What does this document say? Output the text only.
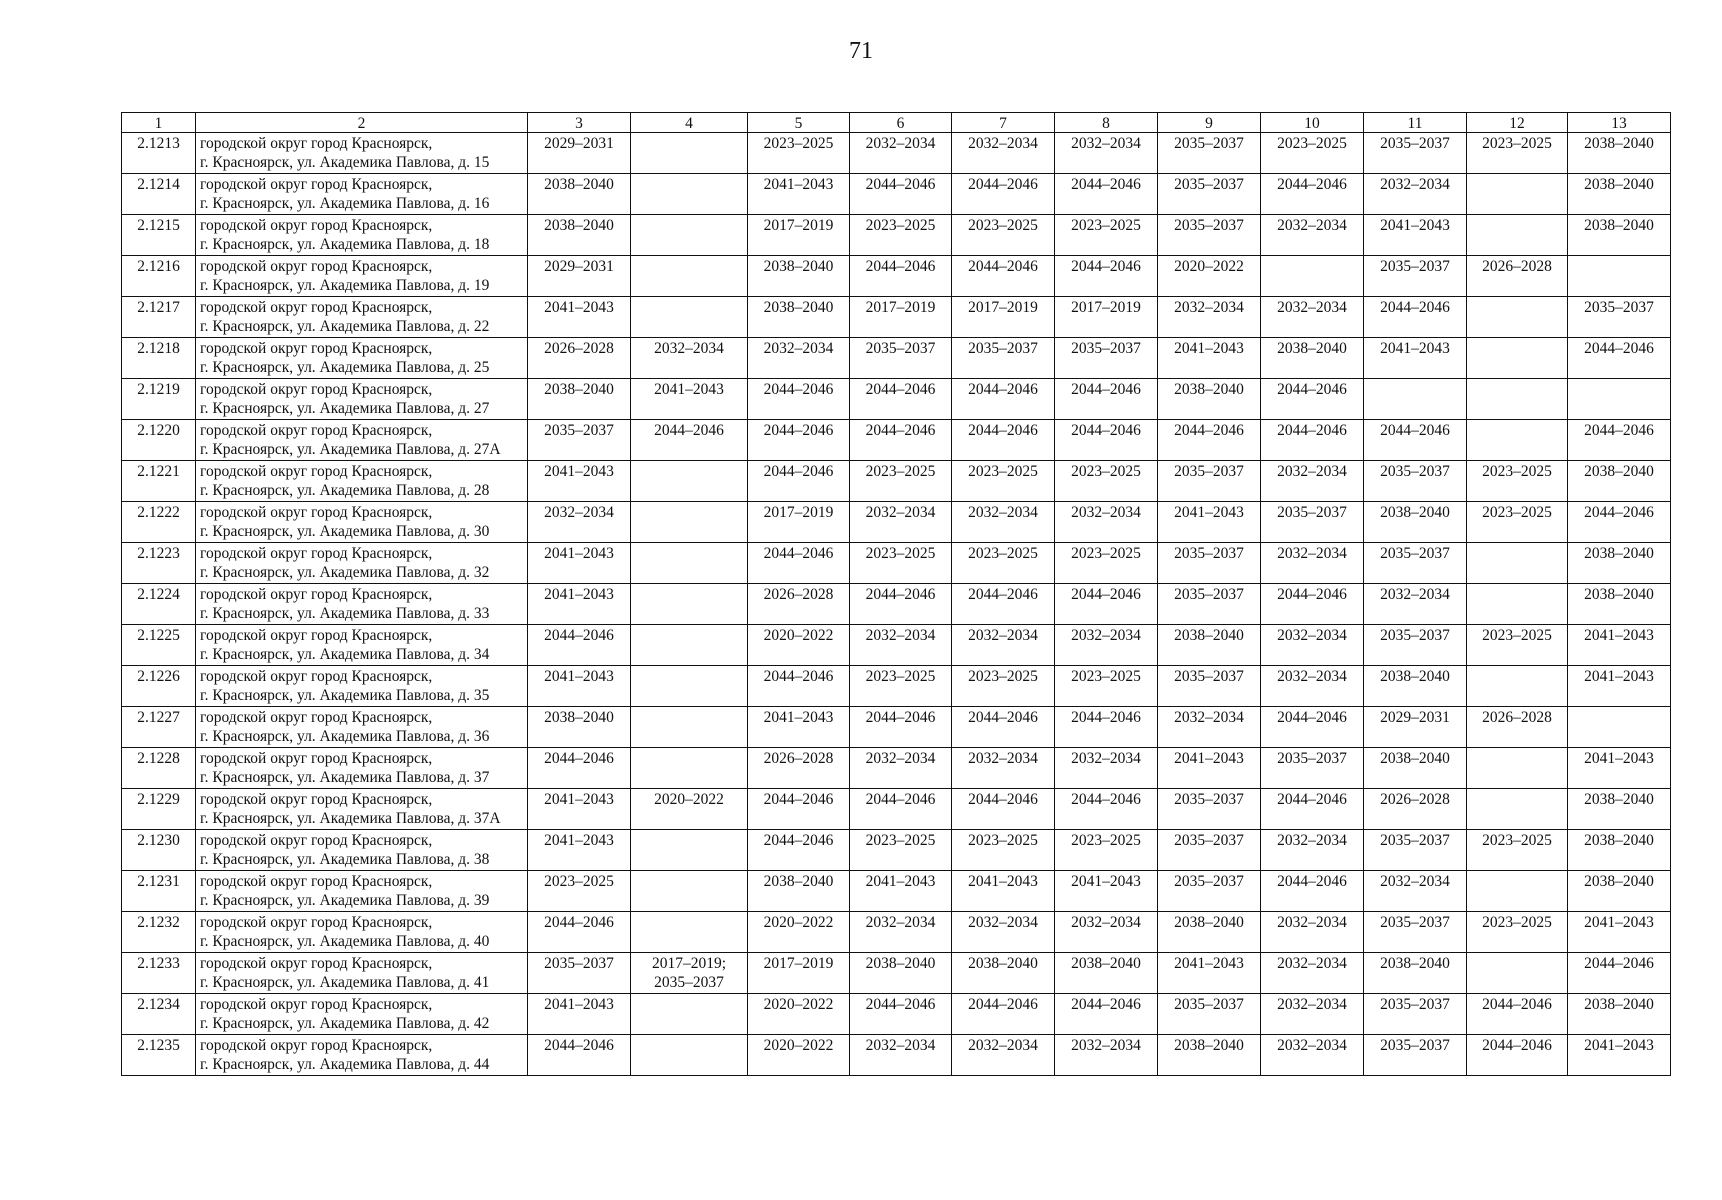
71
1	2	3	4	5	6	7	8	9	10	11	12	13
2.1213	городской округ город Красноярск,
г. Красноярск, ул. Академика Павлова, д. 15	2029–2031		2023–2025	2032–2034	2032–2034	2032–2034	2035–2037	2023–2025	2035–2037	2023–2025	2038–2040
2.1214	городской округ город Красноярск,
г. Красноярск, ул. Академика Павлова, д. 16	2038–2040		2041–2043	2044–2046	2044–2046	2044–2046	2035–2037	2044–2046	2032–2034		2038–2040
2.1215	городской округ город Красноярск,
г. Красноярск, ул. Академика Павлова, д. 18	2038–2040		2017–2019	2023–2025	2023–2025	2023–2025	2035–2037	2032–2034	2041–2043		2038–2040
2.1216	городской округ город Красноярск,
г. Красноярск, ул. Академика Павлова, д. 19	2029–2031		2038–2040	2044–2046	2044–2046	2044–2046	2020–2022		2035–2037	2026–2028	
2.1217	городской округ город Красноярск,
г. Красноярск, ул. Академика Павлова, д. 22	2041–2043		2038–2040	2017–2019	2017–2019	2017–2019	2032–2034	2032–2034	2044–2046		2035–2037
2.1218	городской округ город Красноярск,
г. Красноярск, ул. Академика Павлова, д. 25	2026–2028	2032–2034	2032–2034	2035–2037	2035–2037	2035–2037	2041–2043	2038–2040	2041–2043		2044–2046
2.1219	городской округ город Красноярск,
г. Красноярск, ул. Академика Павлова, д. 27	2038–2040	2041–2043	2044–2046	2044–2046	2044–2046	2044–2046	2038–2040	2044–2046			
2.1220	городской округ город Красноярск,
г. Красноярск, ул. Академика Павлова, д. 27А	2035–2037	2044–2046	2044–2046	2044–2046	2044–2046	2044–2046	2044–2046	2044–2046	2044–2046		2044–2046
2.1221	городской округ город Красноярск,
г. Красноярск, ул. Академика Павлова, д. 28	2041–2043		2044–2046	2023–2025	2023–2025	2023–2025	2035–2037	2032–2034	2035–2037	2023–2025	2038–2040
2.1222	городской округ город Красноярск,
г. Красноярск, ул. Академика Павлова, д. 30	2032–2034		2017–2019	2032–2034	2032–2034	2032–2034	2041–2043	2035–2037	2038–2040	2023–2025	2044–2046
2.1223	городской округ город Красноярск,
г. Красноярск, ул. Академика Павлова, д. 32	2041–2043		2044–2046	2023–2025	2023–2025	2023–2025	2035–2037	2032–2034	2035–2037		2038–2040
2.1224	городской округ город Красноярск,
г. Красноярск, ул. Академика Павлова, д. 33	2041–2043		2026–2028	2044–2046	2044–2046	2044–2046	2035–2037	2044–2046	2032–2034		2038–2040
2.1225	городской округ город Красноярск,
г. Красноярск, ул. Академика Павлова, д. 34	2044–2046		2020–2022	2032–2034	2032–2034	2032–2034	2038–2040	2032–2034	2035–2037	2023–2025	2041–2043
2.1226	городской округ город Красноярск,
г. Красноярск, ул. Академика Павлова, д. 35	2041–2043		2044–2046	2023–2025	2023–2025	2023–2025	2035–2037	2032–2034	2038–2040		2041–2043
2.1227	городской округ город Красноярск,
г. Красноярск, ул. Академика Павлова, д. 36	2038–2040		2041–2043	2044–2046	2044–2046	2044–2046	2032–2034	2044–2046	2029–2031	2026–2028	
2.1228	городской округ город Красноярск,
г. Красноярск, ул. Академика Павлова, д. 37	2044–2046		2026–2028	2032–2034	2032–2034	2032–2034	2041–2043	2035–2037	2038–2040		2041–2043
2.1229	городской округ город Красноярск,
г. Красноярск, ул. Академика Павлова, д. 37А	2041–2043	2020–2022	2044–2046	2044–2046	2044–2046	2044–2046	2035–2037	2044–2046	2026–2028		2038–2040
2.1230	городской округ город Красноярск,
г. Красноярск, ул. Академика Павлова, д. 38	2041–2043		2044–2046	2023–2025	2023–2025	2023–2025	2035–2037	2032–2034	2035–2037	2023–2025	2038–2040
2.1231	городской округ город Красноярск,
г. Красноярск, ул. Академика Павлова, д. 39	2023–2025		2038–2040	2041–2043	2041–2043	2041–2043	2035–2037	2044–2046	2032–2034		2038–2040
2.1232	городской округ город Красноярск,
г. Красноярск, ул. Академика Павлова, д. 40	2044–2046		2020–2022	2032–2034	2032–2034	2032–2034	2038–2040	2032–2034	2035–2037	2023–2025	2041–2043
2.1233	городской округ город Красноярск,
г. Красноярск, ул. Академика Павлова, д. 41	2035–2037	2017–2019;
2035–2037	2017–2019	2038–2040	2038–2040	2038–2040	2041–2043	2032–2034	2038–2040		2044–2046
2.1234	городской округ город Красноярск,
г. Красноярск, ул. Академика Павлова, д. 42	2041–2043		2020–2022	2044–2046	2044–2046	2044–2046	2035–2037	2032–2034	2035–2037	2044–2046	2038–2040
2.1235	городской округ город Красноярск,
г. Красноярск, ул. Академика Павлова, д. 44	2044–2046		2020–2022	2032–2034	2032–2034	2032–2034	2038–2040	2032–2034	2035–2037	2044–2046	2041–2043
